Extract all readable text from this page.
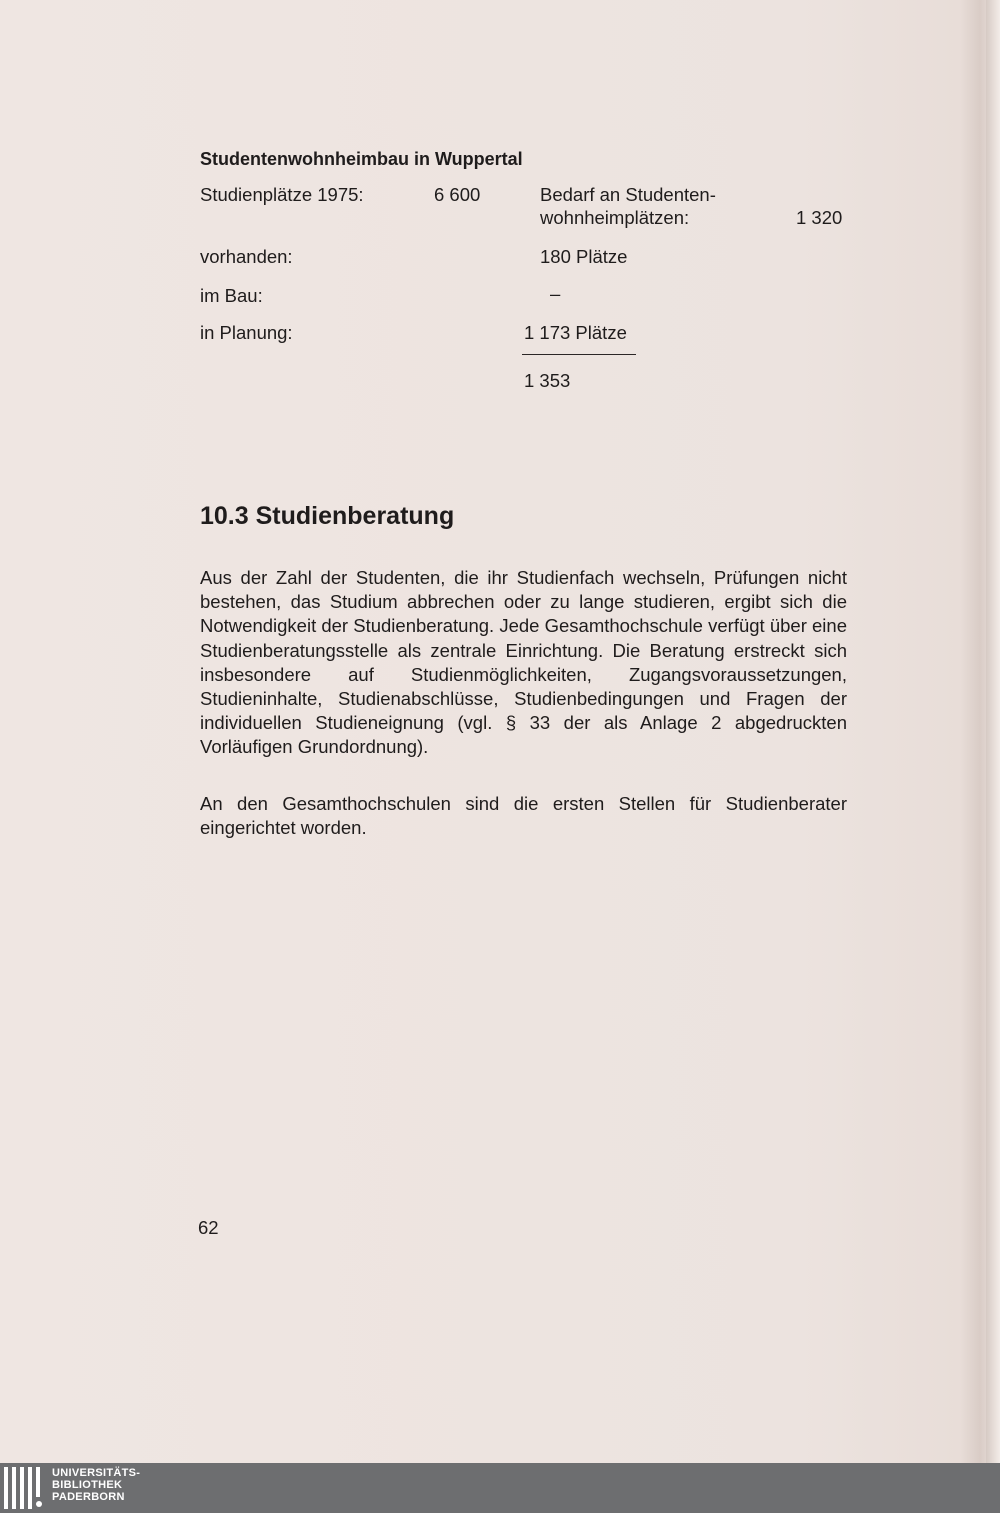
Studentenwohnheimbau in Wuppertal
Studienplätze 1975:	6 600	Bedarf an Studenten-
wohnheimplätzen:	1 320
vorhanden:	180 Plätze
im Bau:	–
in Planung:	1 173 Plätze
1 353
10.3 Studienberatung
Aus der Zahl der Studenten, die ihr Studienfach wechseln, Prüfungen nicht bestehen, das Studium abbrechen oder zu lange studieren, ergibt sich die Notwendigkeit der Studienberatung. Jede Gesamthochschule verfügt über eine Studienberatungsstelle als zentrale Einrichtung. Die Beratung erstreckt sich insbesondere auf Studienmöglichkeiten, Zugangsvoraussetzungen, Studieninhalte, Studienabschlüsse, Studienbedingungen und Fragen der individuellen Studieneignung (vgl. § 33 der als Anlage 2 abgedruckten Vorläufigen Grundordnung).
An den Gesamthochschulen sind die ersten Stellen für Studienberater eingerichtet worden.
62
UNIVERSITÄTS-
BIBLIOTHEK
PADERBORN
